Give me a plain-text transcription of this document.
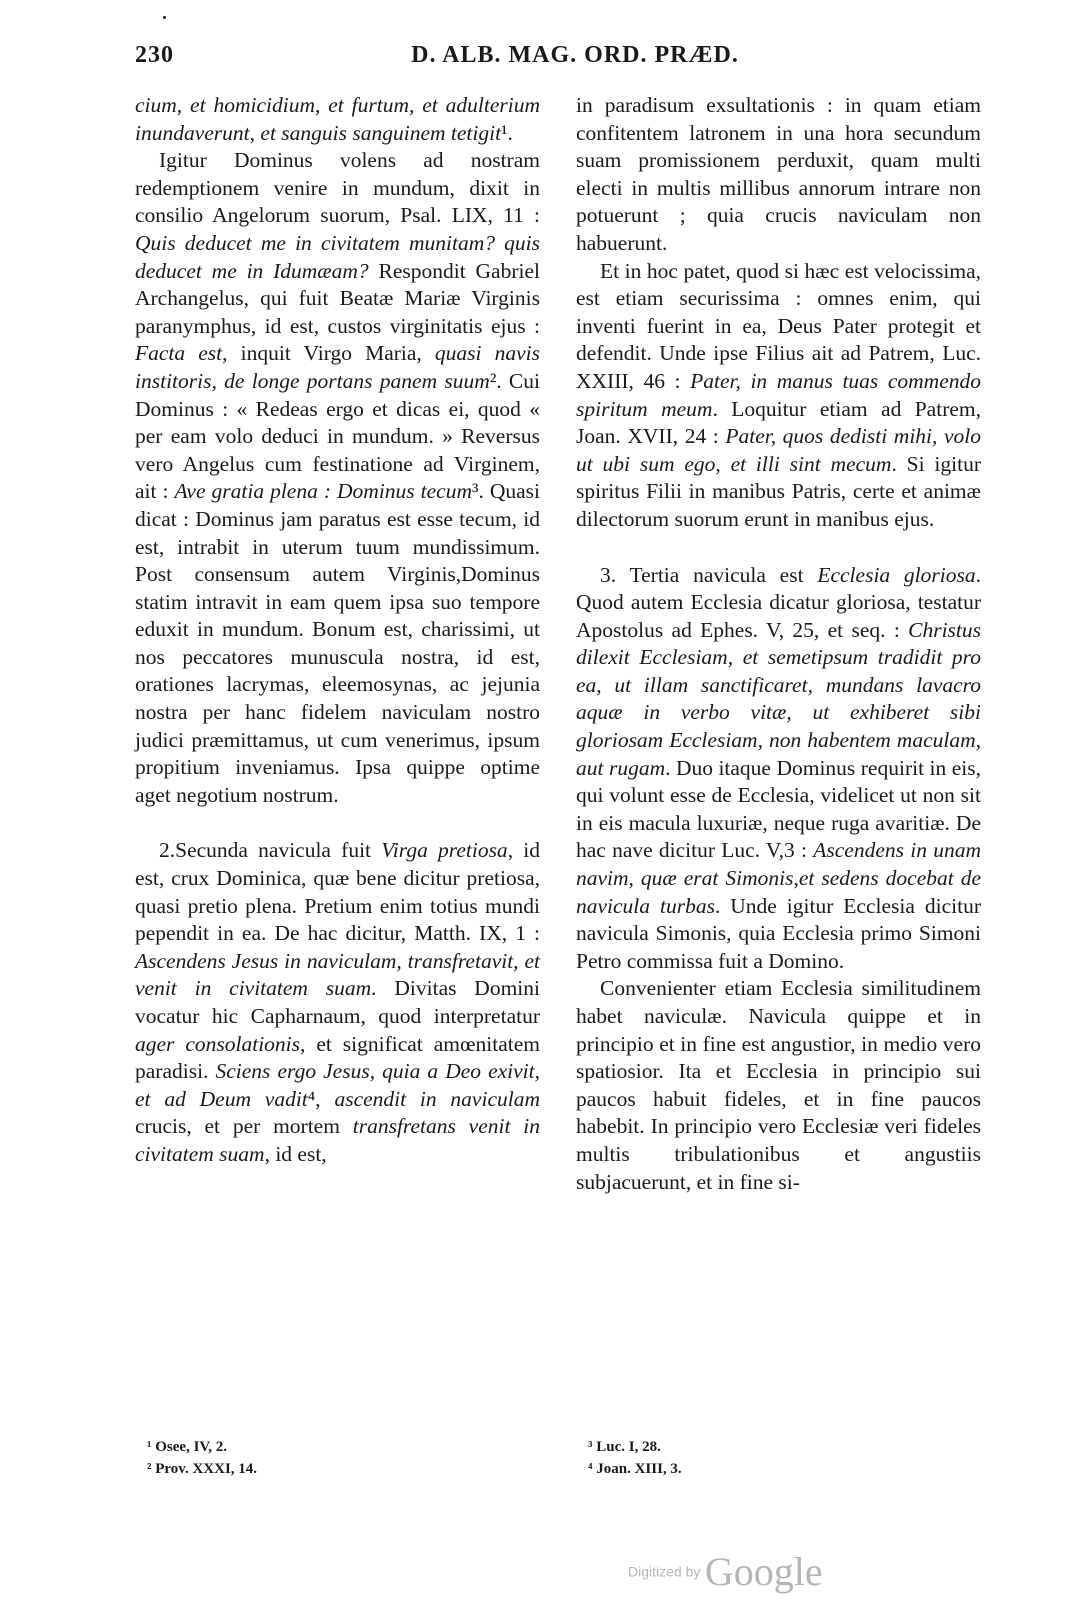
230	D. ALB. MAG. ORD. PRÆD.

cium, et homicidium, et furtum, et adulterium inundaverunt, et sanguis sanguinem tetigit¹.

Igitur Dominus volens ad nostram redemptionem venire in mundum, dixit in consilio Angelorum suorum, Psal. LIX, 11 : Quis deducet me in civitatem munitam? quis deducet me in Idumæam? Respondit Gabriel Archangelus, qui fuit Beatæ Mariæ Virginis paranymphus, id est, custos virginitatis ejus : Facta est, inquit Virgo Maria, quasi navis institoris, de longe portans panem suum². Cui Dominus : « Redeas ergo et dicas ei, quod « per eam volo deduci in mundum. » Reversus vero Angelus cum festinatione ad Virginem, ait : Ave gratia plena : Dominus tecum³. Quasi dicat : Dominus jam paratus est esse tecum, id est, intrabit in uterum tuum mundissimum. Post consensum autem Virginis,Dominus statim intravit in eam quem ipsa suo tempore eduxit in mundum. Bonum est, charissimi, ut nos peccatores munuscula nostra, id est, orationes lacrymas, eleemosynas, ac jejunia nostra per hanc fidelem naviculam nostro judici præmittamus, ut cum venerimus, ipsum propitium inveniamus. Ipsa quippe optime aget negotium nostrum.

2.Secunda navicula fuit Virga pretiosa, id est, crux Dominica, quæ bene dicitur pretiosa, quasi pretio plena. Pretium enim totius mundi pependit in ea. De hac dicitur, Matth. IX, 1 : Ascendens Jesus in naviculam, transfretavit, et venit in civitatem suam. Divitas Domini vocatur hic Capharnaum, quod interpretatur ager consolationis, et significat amœnitatem paradisi. Sciens ergo Jesus, quia a Deo exivit, et ad Deum vadit⁴, ascendit in naviculam crucis, et per mortem transfretans venit in civitatem suam, id est,

in paradisum exsultationis : in quam etiam confitentem latronem in una hora secundum suam promissionem perduxit, quam multi electi in multis millibus annorum intrare non potuerunt ; quia crucis naviculam non habuerunt.

Et in hoc patet, quod si hæc est velocissima, est etiam securissima : omnes enim, qui inventi fuerint in ea, Deus Pater protegit et defendit. Unde ipse Filius ait ad Patrem, Luc. XXIII, 46 : Pater, in manus tuas commendo spiritum meum. Loquitur etiam ad Patrem, Joan. XVII, 24 : Pater, quos dedisti mihi, volo ut ubi sum ego, et illi sint mecum. Si igitur spiritus Filii in manibus Patris, certe et animæ dilectorum suorum erunt in manibus ejus.

3. Tertia navicula est Ecclesia gloriosa. Quod autem Ecclesia dicatur gloriosa, testatur Apostolus ad Ephes. V, 25, et seq. : Christus dilexit Ecclesiam, et semetipsum tradidit pro ea, ut illam sanctificaret, mundans lavacro aquæ in verbo vitæ, ut exhiberet sibi gloriosam Ecclesiam, non habentem maculam, aut rugam. Duo itaque Dominus requirit in eis, qui volunt esse de Ecclesia, videlicet ut non sit in eis macula luxuriæ, neque ruga avaritiæ. De hac nave dicitur Luc. V,3 : Ascendens in unam navim, quæ erat Simonis,et sedens docebat de navicula turbas. Unde igitur Ecclesia dicitur navicula Simonis, quia Ecclesia primo Simoni Petro commissa fuit a Domino.

Convenienter etiam Ecclesia similitudinem habet naviculæ. Navicula quippe et in principio et in fine est angustior, in medio vero spatiosior. Ita et Ecclesia in principio sui paucos habuit fideles, et in fine paucos habebit. In principio vero Ecclesiæ veri fideles multis tribulationibus et angustiis subjacuerunt, et in fine si-

¹ Osee, IV, 2.
² Prov. XXXI, 14.
³ Luc. I, 28.
⁴ Joan. XIII, 3.
Digitized by Google
